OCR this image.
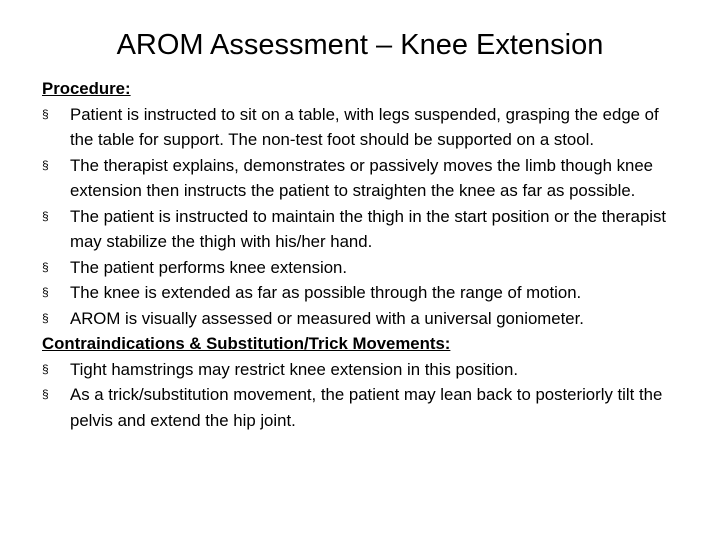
AROM Assessment – Knee Extension
Procedure:
§	Patient is instructed to sit on a table, with legs suspended, grasping the edge of the table for support. The non-test foot should be supported on a stool.
§	The therapist explains, demonstrates or passively moves the limb though knee extension then instructs the patient to straighten the knee as far as possible.
§	The patient is instructed to maintain the thigh in the start position or the therapist may stabilize the thigh with his/her hand.
§	The patient performs knee extension.
§	The knee is extended as far as possible through the range of motion.
§	AROM is visually assessed or measured with a universal goniometer.
Contraindications & Substitution/Trick Movements:
§	Tight hamstrings may restrict knee extension in this position.
§	As a trick/substitution movement, the patient may lean back to posteriorly tilt the pelvis and extend the hip joint.
